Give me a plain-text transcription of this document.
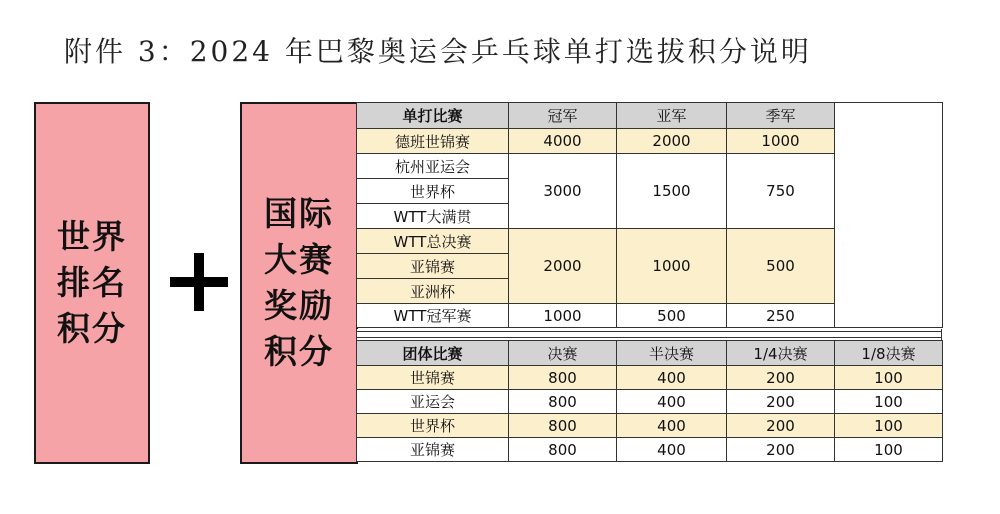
附件 3：2024 年巴黎奥运会乒乓球单打选拔积分说明
世界排名积分
国际大赛奖励积分
单打比赛	冠军	亚军	季军	
德班世锦赛	4000	2000	1000	
杭州亚运会	3000	1500	750	
世界杯				
WTT大满贯				
WTT总决赛	2000	1000	500	
亚锦赛				
亚洲杯				
WTT冠军赛	1000	500	250	
团体比赛	决赛	半决赛	1/4决赛	1/8决赛
世锦赛	800	400	200	100
亚运会	800	400	200	100
世界杯	800	400	200	100
亚锦赛	800	400	200	100
